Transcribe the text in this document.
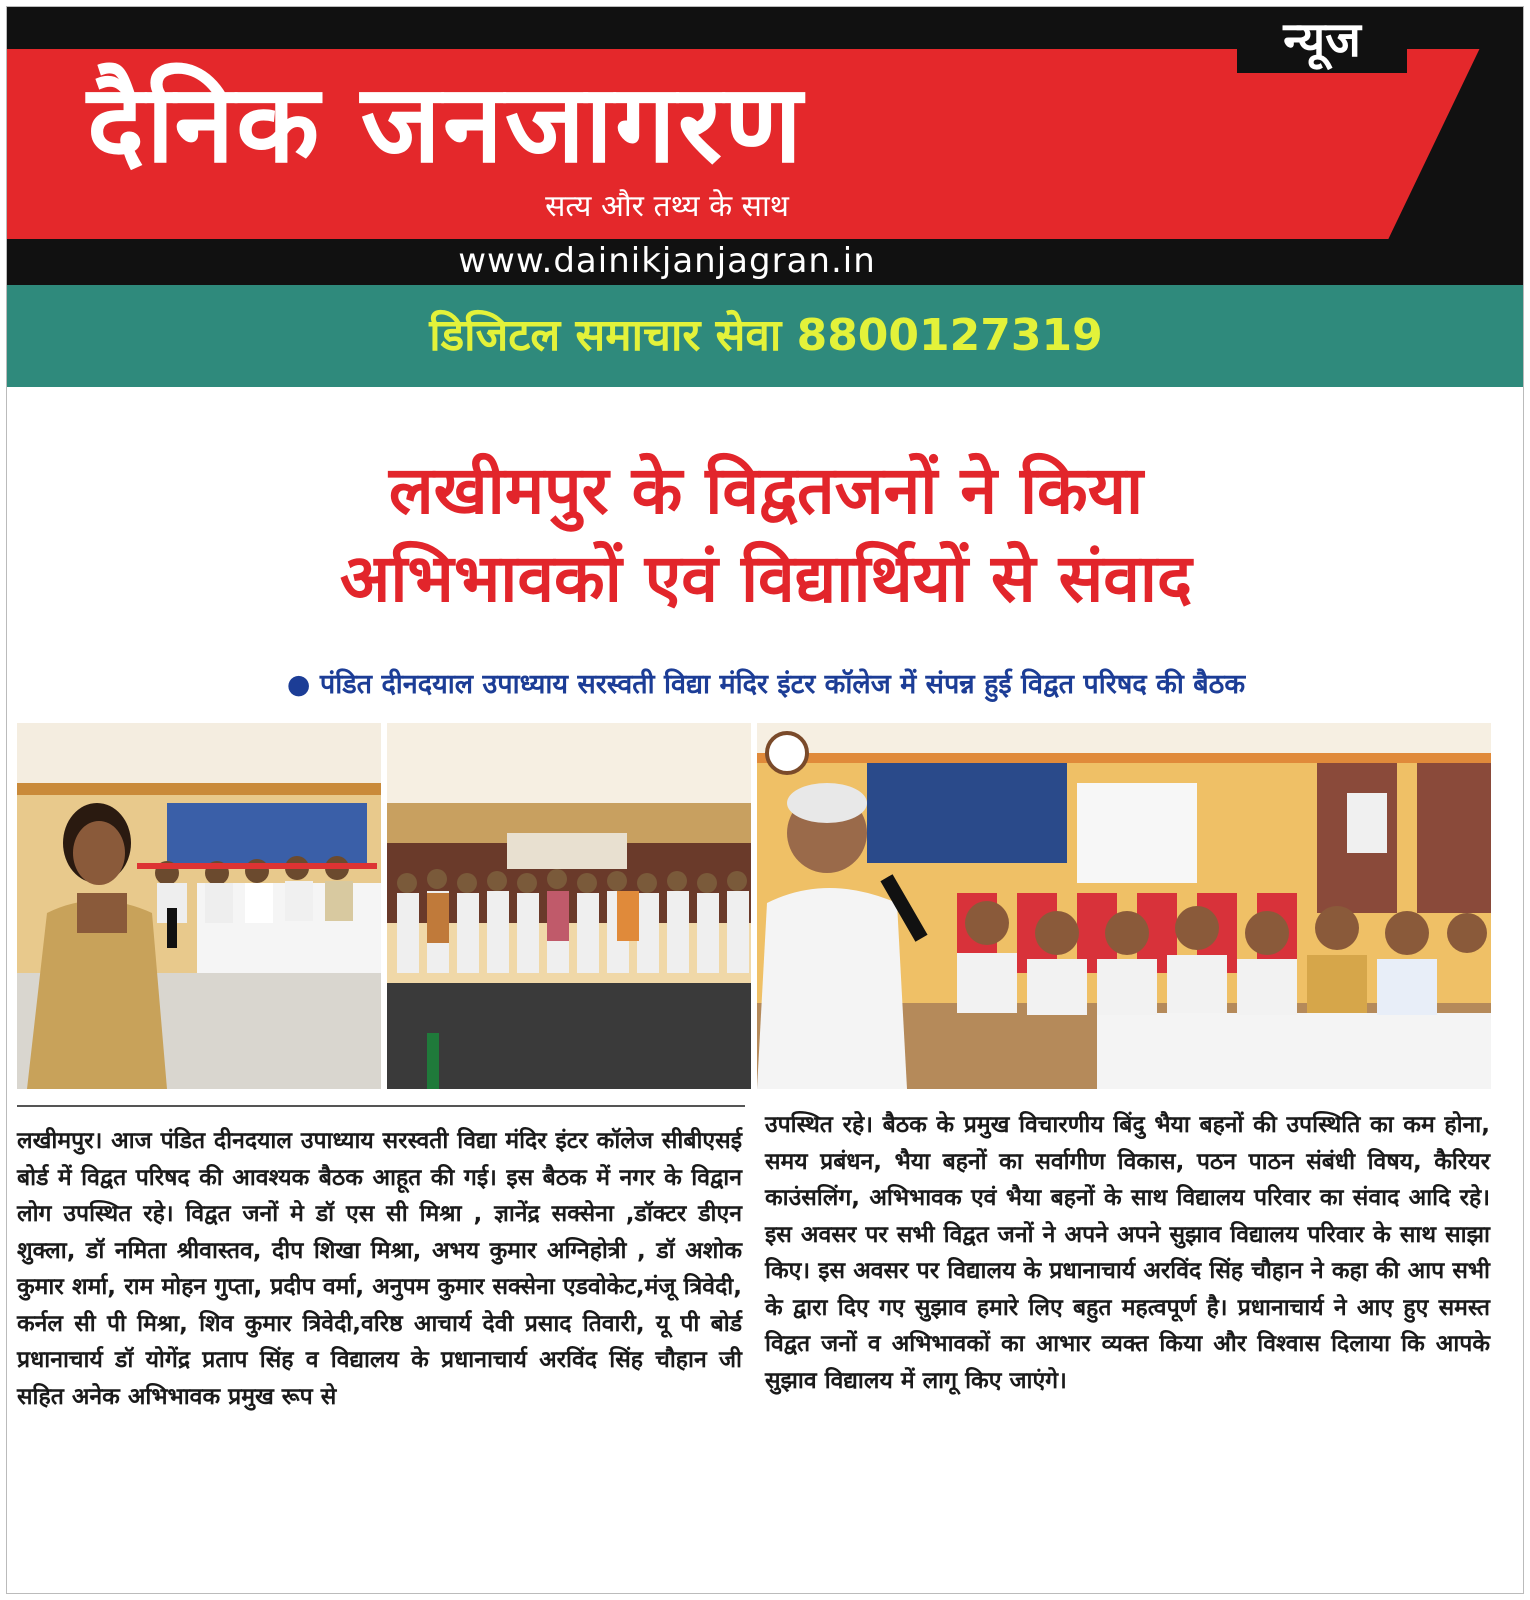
न्यूज
दैनिक जनजागरण
सत्य और तथ्य के साथ
www.dainikjanjagran.in
डिजिटल समाचार सेवा 8800127319
लखीमपुर के विद्वतजनों ने किया
अभिभावकों एवं विद्यार्थियों से संवाद
● पंडित दीनदयाल उपाध्याय सरस्वती विद्या मंदिर इंटर कॉलेज में संपन्न हुई विद्वत परिषद की बैठक
लखीमपुर। आज पंडित दीनदयाल उपाध्याय सरस्वती विद्या मंदिर इंटर कॉलेज सीबीएसई बोर्ड में विद्वत परिषद की आवश्यक बैठक आहूत की गई। इस बैठक में नगर के विद्वान लोग उपस्थित रहे। विद्वत जनों मे डॉ एस सी मिश्रा , ज्ञानेंद्र सक्सेना ,डॉक्टर डीएन शुक्ला, डॉ नमिता श्रीवास्तव, दीप शिखा मिश्रा, अभय कुमार अग्निहोत्री , डॉ अशोक कुमार शर्मा, राम मोहन गुप्ता, प्रदीप वर्मा, अनुपम कुमार सक्सेना एडवोकेट,मंजू त्रिवेदी, कर्नल सी पी मिश्रा, शिव कुमार त्रिवेदी,वरिष्ठ आचार्य देवी प्रसाद तिवारी, यू पी बोर्ड प्रधानाचार्य डॉ योगेंद्र प्रताप सिंह व विद्यालय के प्रधानाचार्य अरविंद सिंह चौहान जी सहित अनेक अभिभावक प्रमुख रूप से
उपस्थित रहे। बैठक के प्रमुख विचारणीय बिंदु भैया बहनों की उपस्थिति का कम होना, समय प्रबंधन, भैया बहनों का सर्वागीण विकास, पठन पाठन संबंधी विषय, कैरियर काउंसलिंग, अभिभावक एवं भैया बहनों के साथ विद्यालय परिवार का संवाद आदि रहे। इस अवसर पर सभी विद्वत जनों ने अपने अपने सुझाव विद्यालय परिवार के साथ साझा किए। इस अवसर पर विद्यालय के प्रधानाचार्य अरविंद सिंह चौहान ने कहा की आप सभी के द्वारा दिए गए सुझाव हमारे लिए बहुत महत्वपूर्ण है। प्रधानाचार्य ने आए हुए समस्त विद्वत जनों व अभिभावकों का आभार व्यक्त किया और विश्वास दिलाया कि आपके सुझाव विद्यालय में लागू किए जाएंगे।
